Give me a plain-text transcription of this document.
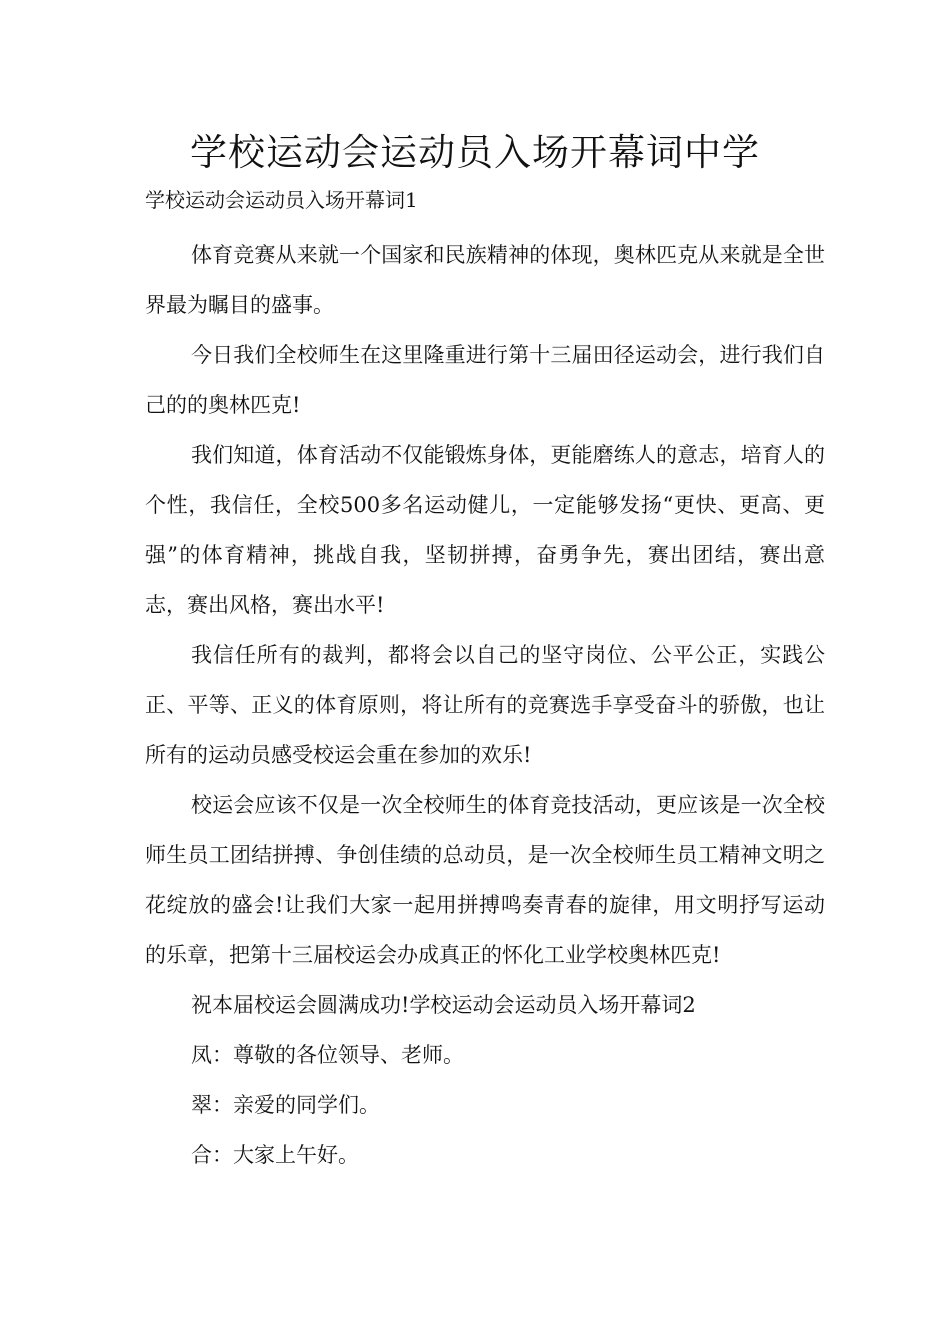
学校运动会运动员入场开幕词中学

学校运动会运动员入场开幕词1

体育竞赛从来就一个国家和民族精神的体现，奥林匹克从来就是全世界最为瞩目的盛事。

今日我们全校师生在这里隆重进行第十三届田径运动会，进行我们自己的的奥林匹克!

我们知道，体育活动不仅能锻炼身体，更能磨练人的意志，培育人的个性，我信任，全校500多名运动健儿，一定能够发扬“更快、更高、更强”的体育精神，挑战自我，坚韧拼搏，奋勇争先，赛出团结，赛出意志，赛出风格，赛出水平!

我信任所有的裁判，都将会以自己的坚守岗位、公平公正，实践公正、平等、正义的体育原则，将让所有的竞赛选手享受奋斗的骄傲，也让所有的运动员感受校运会重在参加的欢乐!

校运会应该不仅是一次全校师生的体育竞技活动，更应该是一次全校师生员工团结拼搏、争创佳绩的总动员，是一次全校师生员工精神文明之花绽放的盛会!让我们大家一起用拼搏鸣奏青春的旋律，用文明抒写运动的乐章，把第十三届校运会办成真正的怀化工业学校奥林匹克!

祝本届校运会圆满成功!学校运动会运动员入场开幕词2

凤：尊敬的各位领导、老师。

翠：亲爱的同学们。

合：大家上午好。
